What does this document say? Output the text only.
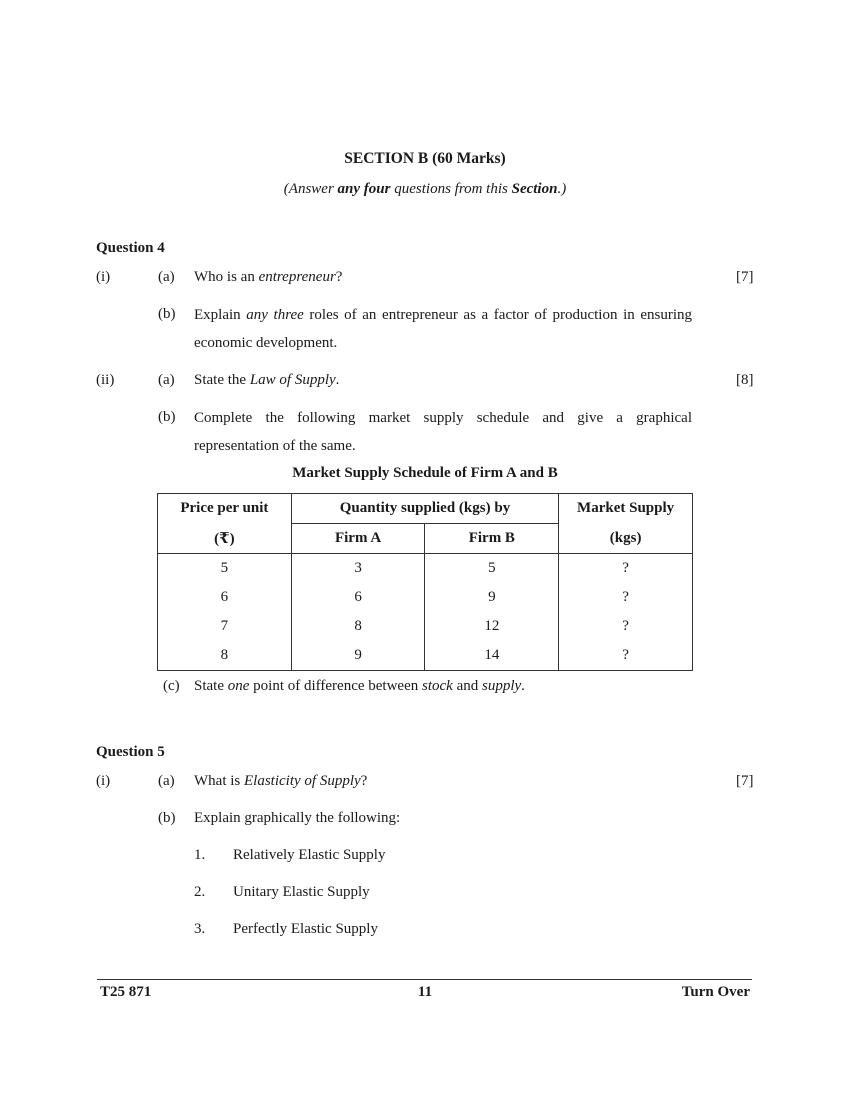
SECTION B (60 Marks)
(Answer any four questions from this Section.)
Question 4
(i)	(a) Who is an entrepreneur?	[7]
(b) Explain any three roles of an entrepreneur as a factor of production in ensuring economic development.
(ii)	(a) State the Law of Supply.	[8]
(b) Complete the following market supply schedule and give a graphical representation of the same.
Market Supply Schedule of Firm A and B
Price per unit	Quantity supplied (kgs) by		Market Supply
(₹)	Firm A	Firm B	(kgs)
5	3	5	?
6	6	9	?
7	8	12	?
8	9	14	?
(c) State one point of difference between stock and supply.
Question 5
(i)	(a) What is Elasticity of Supply?	[7]
(b) Explain graphically the following:
1. Relatively Elastic Supply
2. Unitary Elastic Supply
3. Perfectly Elastic Supply
T25 871	11	Turn Over
